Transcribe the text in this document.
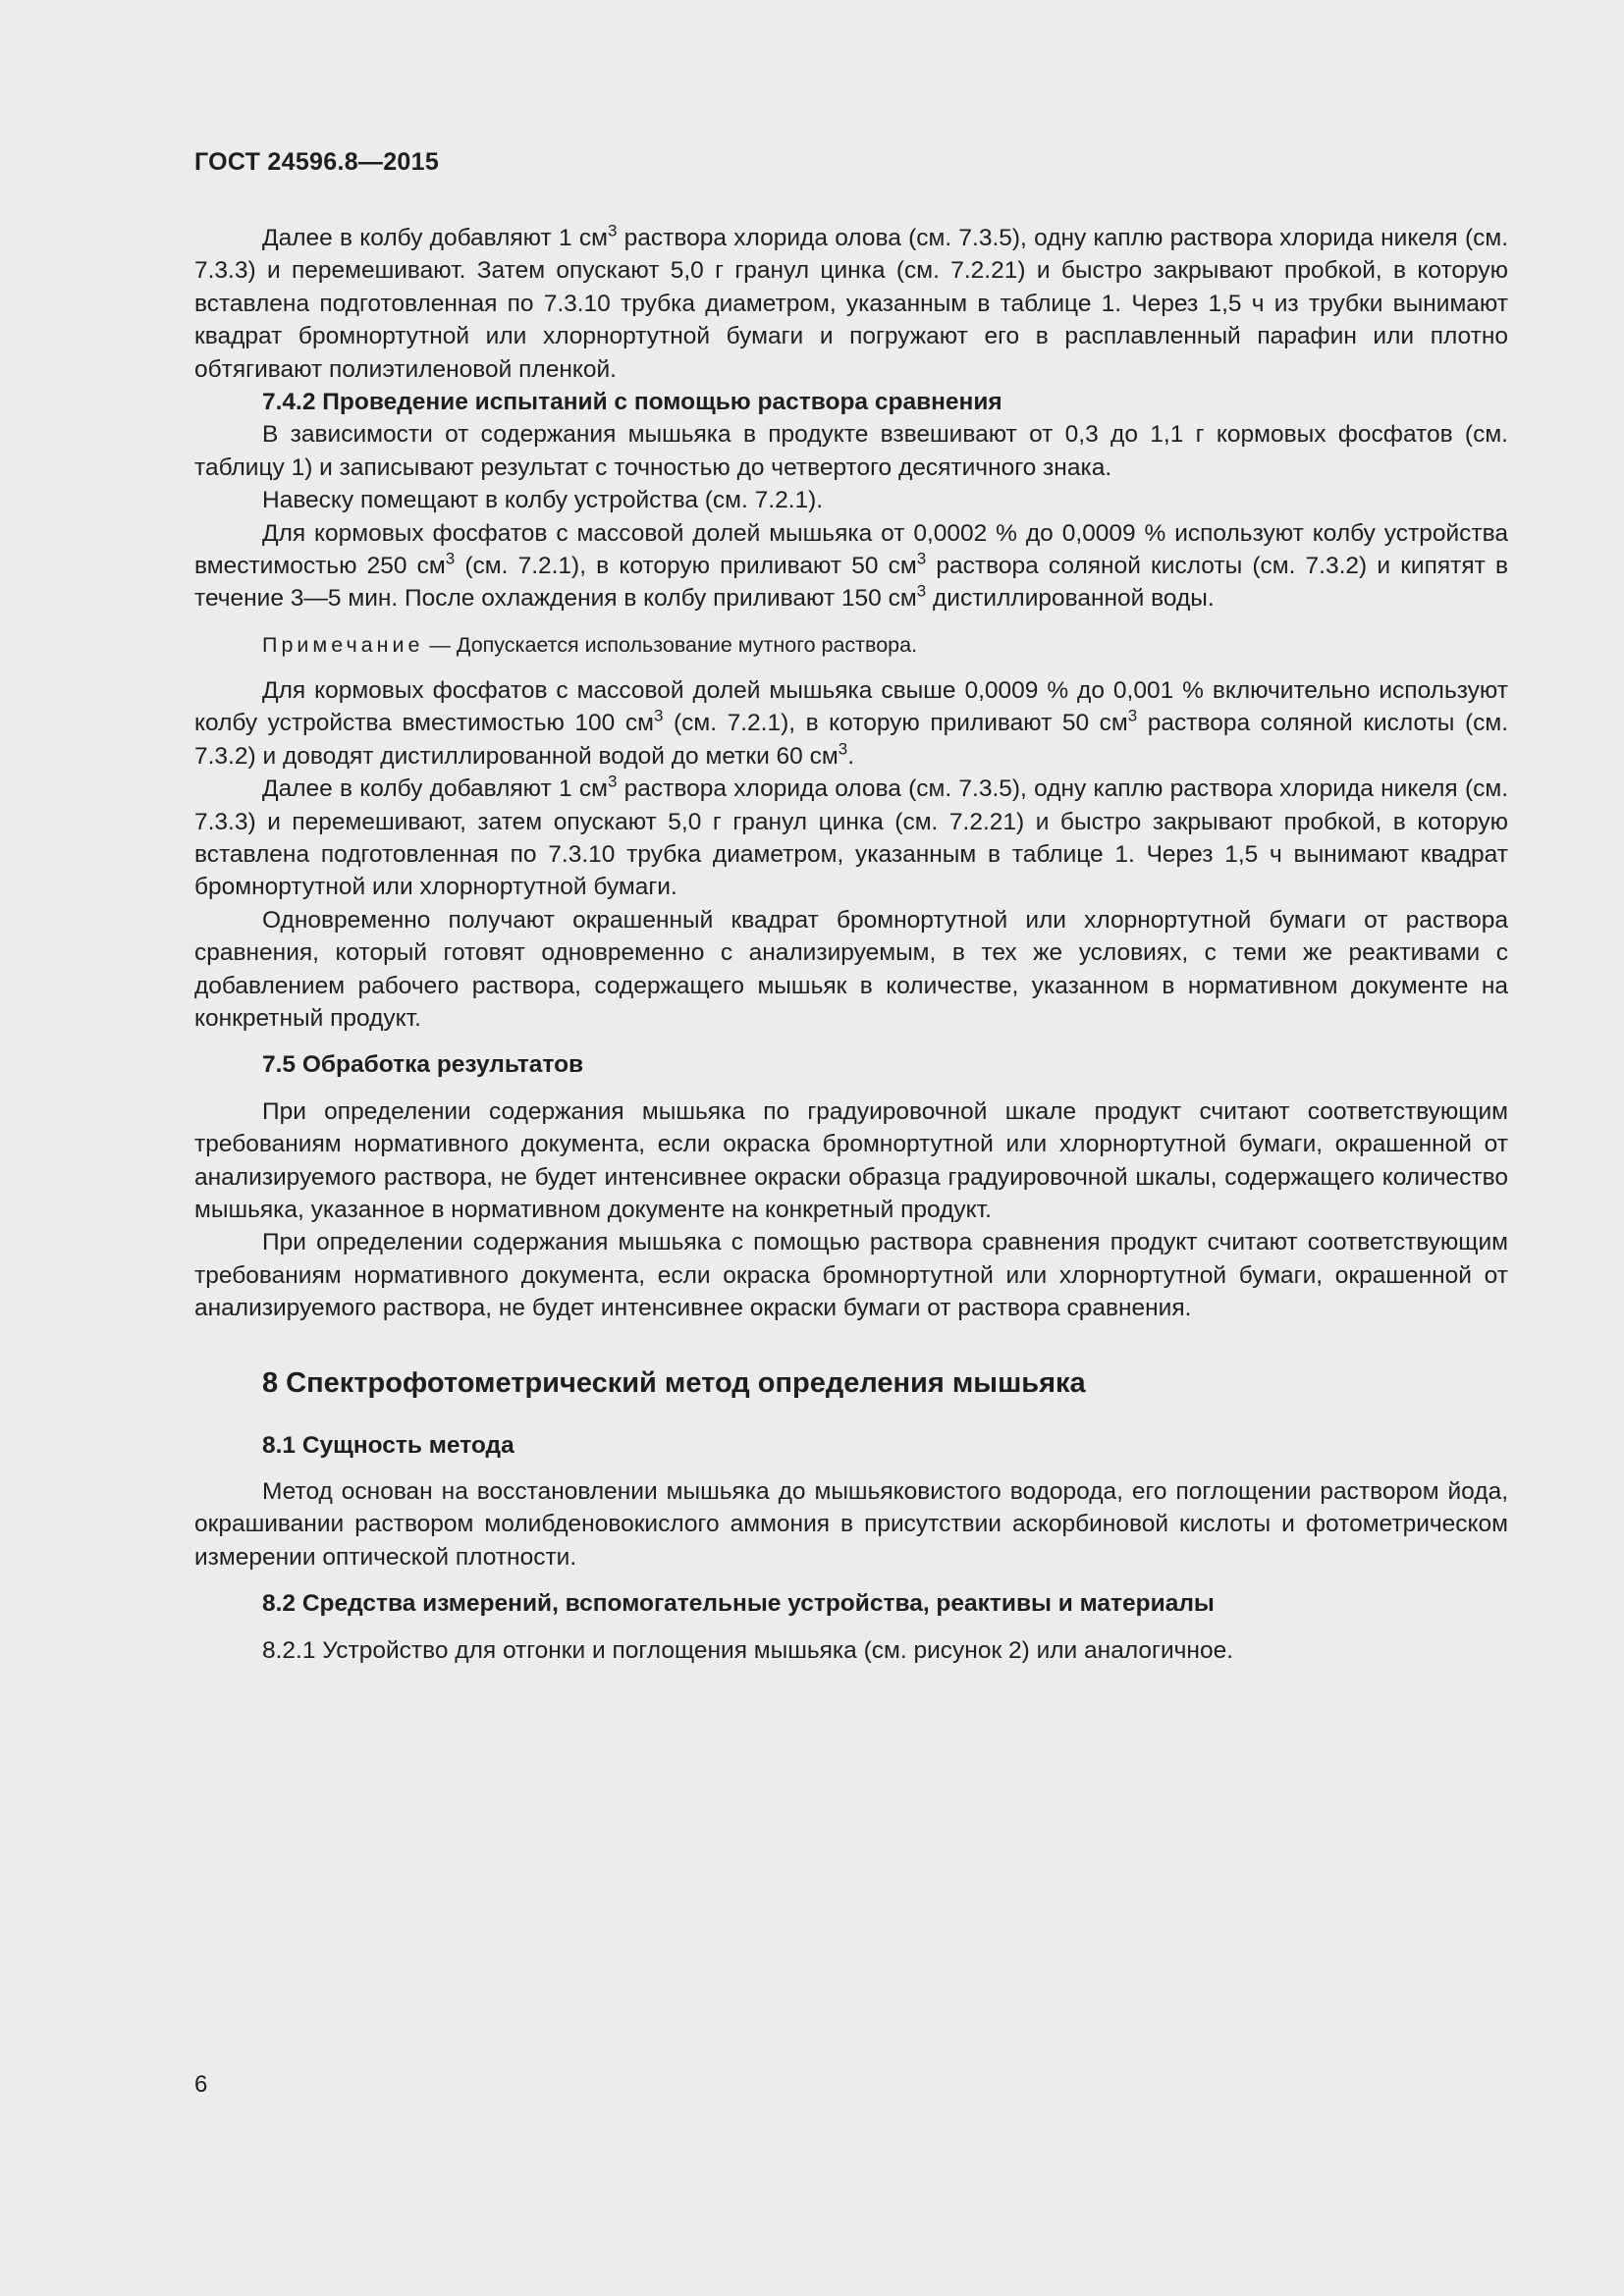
ГОСТ 24596.8—2015

Далее в колбу добавляют 1 $см^3$ раствора хлорида олова (см. 7.3.5), одну каплю раствора хлорида никеля (см. 7.3.3) и перемешивают. Затем опускают 5,0 г гранул цинка (см. 7.2.21) и быстро закрывают пробкой, в которую вставлена подготовленная по 7.3.10 трубка диаметром, указанным в таблице 1. Через 1,5 ч из трубки вынимают квадрат бромнортутной или хлорнортутной бумаги и погружают его в расплавленный парафин или плотно обтягивают полиэтиленовой пленкой.

7.4.2 Проведение испытаний с помощью раствора сравнения

В зависимости от содержания мышьяка в продукте взвешивают от 0,3 до 1,1 г кормовых фосфатов (см. таблицу 1) и записывают результат с точностью до четвертого десятичного знака.

Навеску помещают в колбу устройства (см. 7.2.1).

Для кормовых фосфатов с массовой долей мышьяка от 0,0002 % до 0,0009 % используют колбу устройства вместимостью 250 $см^3$ (см. 7.2.1), в которую приливают 50 $см^3$ раствора соляной кислоты (см. 7.3.2) и кипятят в течение 3—5 мин. После охлаждения в колбу приливают 150 $см^3$ дистиллированной воды.

Примечание — Допускается использование мутного раствора.

Для кормовых фосфатов с массовой долей мышьяка свыше 0,0009 % до 0,001 % включительно используют колбу устройства вместимостью 100 $см^3$ (см. 7.2.1), в которую приливают 50 $см^3$ раствора соляной кислоты (см. 7.3.2) и доводят дистиллированной водой до метки 60 $см^3$.

Далее в колбу добавляют 1 $см^3$ раствора хлорида олова (см. 7.3.5), одну каплю раствора хлорида никеля (см. 7.3.3) и перемешивают, затем опускают 5,0 г гранул цинка (см. 7.2.21) и быстро закрывают пробкой, в которую вставлена подготовленная по 7.3.10 трубка диаметром, указанным в таблице 1. Через 1,5 ч вынимают квадрат бромнортутной или хлорнортутной бумаги.

Одновременно получают окрашенный квадрат бромнортутной или хлорнортутной бумаги от раствора сравнения, который готовят одновременно с анализируемым, в тех же условиях, с теми же реактивами с добавлением рабочего раствора, содержащего мышьяк в количестве, указанном в нормативном документе на конкретный продукт.

7.5 Обработка результатов

При определении содержания мышьяка по градуировочной шкале продукт считают соответствующим требованиям нормативного документа, если окраска бромнортутной или хлорнортутной бумаги, окрашенной от анализируемого раствора, не будет интенсивнее окраски образца градуировочной шкалы, содержащего количество мышьяка, указанное в нормативном документе на конкретный продукт.

При определении содержания мышьяка с помощью раствора сравнения продукт считают соответствующим требованиям нормативного документа, если окраска бромнортутной или хлорнортутной бумаги, окрашенной от анализируемого раствора, не будет интенсивнее окраски бумаги от раствора сравнения.

8 Спектрофотометрический метод определения мышьяка
8.1 Сущность метода

Метод основан на восстановлении мышьяка до мышьяковистого водорода, его поглощении раствором йода, окрашивании раствором молибденовокислого аммония в присутствии аскорбиновой кислоты и фотометрическом измерении оптической плотности.

8.2 Средства измерений, вспомогательные устройства, реактивы и материалы

8.2.1 Устройство для отгонки и поглощения мышьяка (см. рисунок 2) или аналогичное.

6
